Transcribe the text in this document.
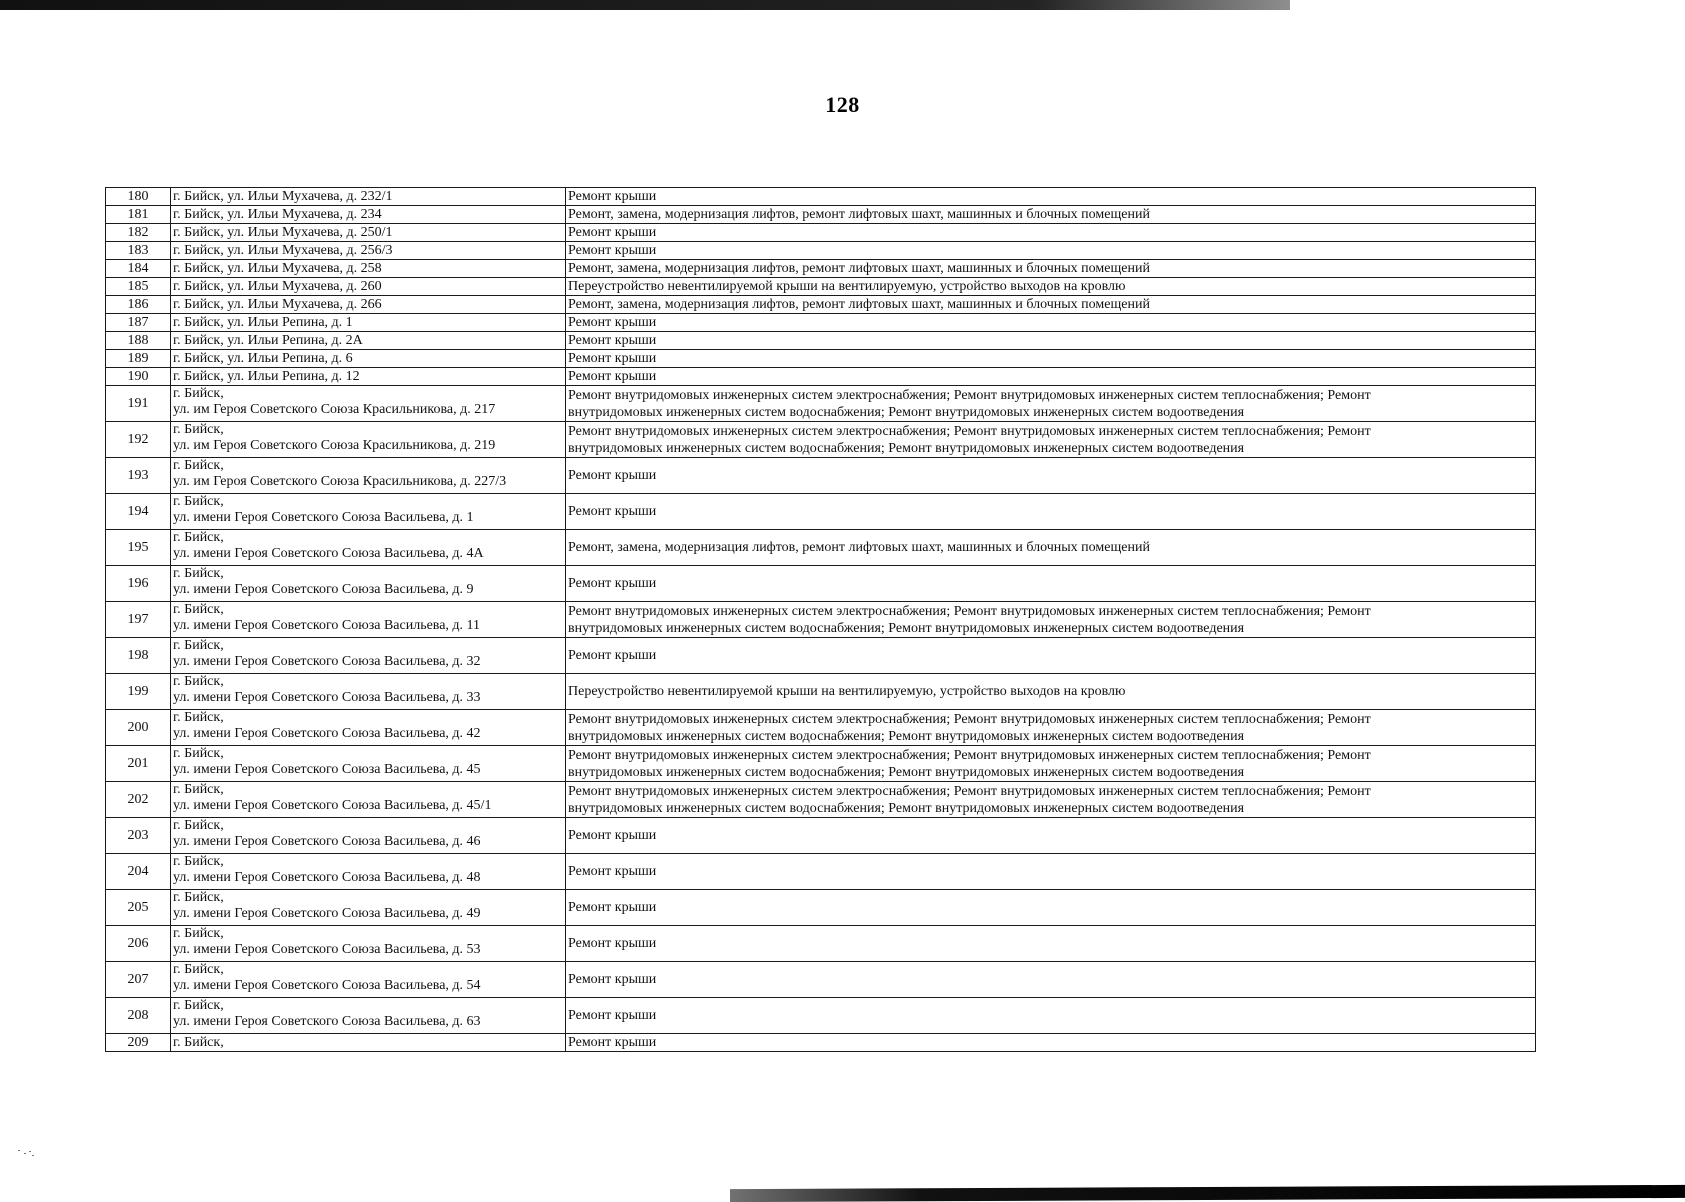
128
180	г. Бийск, ул. Ильи Мухачева, д. 232/1	Ремонт крыши

181	г. Бийск, ул. Ильи Мухачева, д. 234	Ремонт, замена, модернизация лифтов, ремонт лифтовых шахт, машинных и блочных помещений

182	г. Бийск, ул. Ильи Мухачева, д. 250/1	Ремонт крыши

183	г. Бийск, ул. Ильи Мухачева, д. 256/3	Ремонт крыши

184	г. Бийск, ул. Ильи Мухачева, д. 258	Ремонт, замена, модернизация лифтов, ремонт лифтовых шахт, машинных и блочных помещений

185	г. Бийск, ул. Ильи Мухачева, д. 260	Переустройство невентилируемой крыши на вентилируемую, устройство выходов на кровлю

186	г. Бийск, ул. Ильи Мухачева, д. 266	Ремонт, замена, модернизация лифтов, ремонт лифтовых шахт, машинных и блочных помещений

187	г. Бийск, ул. Ильи Репина, д. 1	Ремонт крыши

188	г. Бийск, ул. Ильи Репина, д. 2А	Ремонт крыши

189	г. Бийск, ул. Ильи Репина, д. 6	Ремонт крыши

190	г. Бийск, ул. Ильи Репина, д. 12	Ремонт крыши

191	г. Бийск,
ул. им Героя Советского Союза Красильникова, д. 217	Ремонт внутридомовых инженерных систем электроснабжения; Ремонт внутридомовых инженерных систем теплоснабжения; Ремонт
внутридомовых инженерных систем водоснабжения; Ремонт внутридомовых инженерных систем водоотведения

192	г. Бийск,
ул. им Героя Советского Союза Красильникова, д. 219	Ремонт внутридомовых инженерных систем электроснабжения; Ремонт внутридомовых инженерных систем теплоснабжения; Ремонт
внутридомовых инженерных систем водоснабжения; Ремонт внутридомовых инженерных систем водоотведения

193	г. Бийск,
ул. им Героя Советского Союза Красильникова, д. 227/3	Ремонт крыши

194	г. Бийск,
ул. имени Героя Советского Союза Васильева, д. 1	Ремонт крыши

195	г. Бийск,
ул. имени Героя Советского Союза Васильева, д. 4А	Ремонт, замена, модернизация лифтов, ремонт лифтовых шахт, машинных и блочных помещений

196	г. Бийск,
ул. имени Героя Советского Союза Васильева, д. 9	Ремонт крыши

197	г. Бийск,
ул. имени Героя Советского Союза Васильева, д. 11	Ремонт внутридомовых инженерных систем электроснабжения; Ремонт внутридомовых инженерных систем теплоснабжения; Ремонт
внутридомовых инженерных систем водоснабжения; Ремонт внутридомовых инженерных систем водоотведения

198	г. Бийск,
ул. имени Героя Советского Союза Васильева, д. 32	Ремонт крыши

199	г. Бийск,
ул. имени Героя Советского Союза Васильева, д. 33	Переустройство невентилируемой крыши на вентилируемую, устройство выходов на кровлю

200	г. Бийск,
ул. имени Героя Советского Союза Васильева, д. 42	Ремонт внутридомовых инженерных систем электроснабжения; Ремонт внутридомовых инженерных систем теплоснабжения; Ремонт
внутридомовых инженерных систем водоснабжения; Ремонт внутридомовых инженерных систем водоотведения

201	г. Бийск,
ул. имени Героя Советского Союза Васильева, д. 45	Ремонт внутридомовых инженерных систем электроснабжения; Ремонт внутридомовых инженерных систем теплоснабжения; Ремонт
внутридомовых инженерных систем водоснабжения; Ремонт внутридомовых инженерных систем водоотведения

202	г. Бийск,
ул. имени Героя Советского Союза Васильева, д. 45/1	Ремонт внутридомовых инженерных систем электроснабжения; Ремонт внутридомовых инженерных систем теплоснабжения; Ремонт
внутридомовых инженерных систем водоснабжения; Ремонт внутридомовых инженерных систем водоотведения

203	г. Бийск,
ул. имени Героя Советского Союза Васильева, д. 46	Ремонт крыши

204	г. Бийск,
ул. имени Героя Советского Союза Васильева, д. 48	Ремонт крыши

205	г. Бийск,
ул. имени Героя Советского Союза Васильева, д. 49	Ремонт крыши

206	г. Бийск,
ул. имени Героя Советского Союза Васильева, д. 53	Ремонт крыши

207	г. Бийск,
ул. имени Героя Советского Союза Васильева, д. 54	Ремонт крыши

208	г. Бийск,
ул. имени Героя Советского Союза Васильева, д. 63	Ремонт крыши

209	г. Бийск,	Ремонт крыши
